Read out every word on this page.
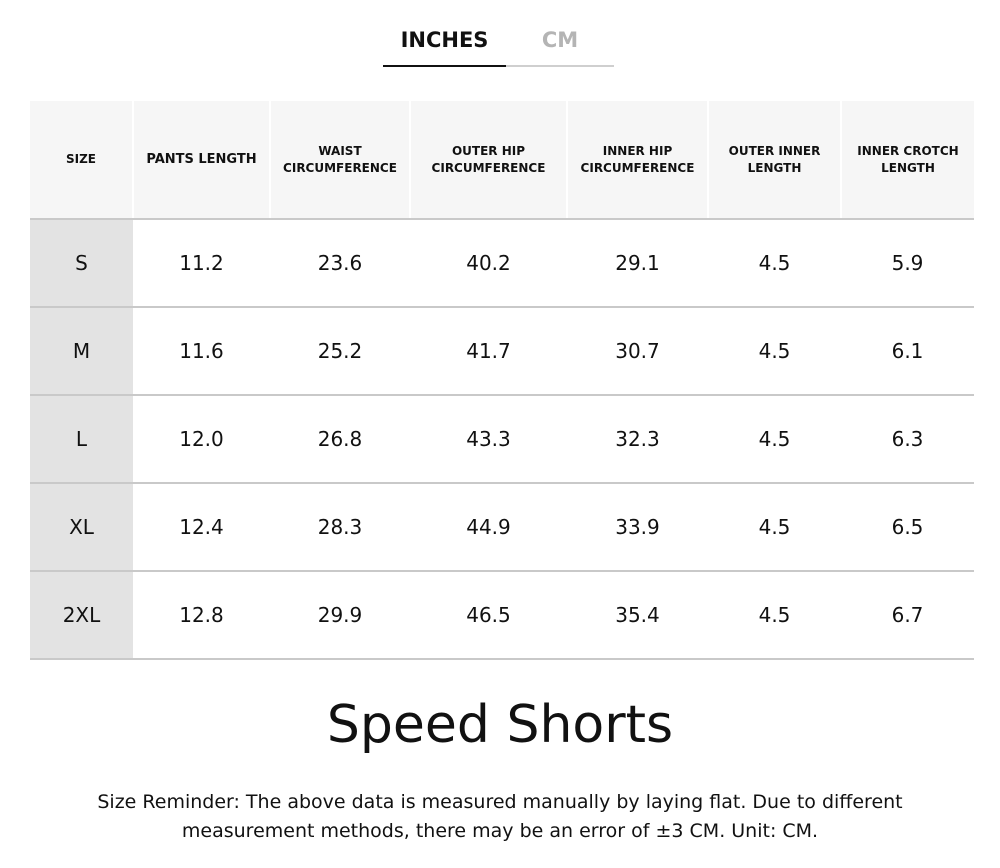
INCHES	CM
SIZE	PANTS LENGTH	WAIST CIRCUMFERENCE	OUTER HIP CIRCUMFERENCE	INNER HIP CIRCUMFERENCE	OUTER INNER LENGTH	INNER CROTCH LENGTH
S	11.2	23.6	40.2	29.1	4.5	5.9
M	11.6	25.2	41.7	30.7	4.5	6.1
L	12.0	26.8	43.3	32.3	4.5	6.3
XL	12.4	28.3	44.9	33.9	4.5	6.5
2XL	12.8	29.9	46.5	35.4	4.5	6.7
Speed Shorts
Size Reminder: The above data is measured manually by laying flat. Due to different measurement methods, there may be an error of ±3 CM. Unit: CM.
